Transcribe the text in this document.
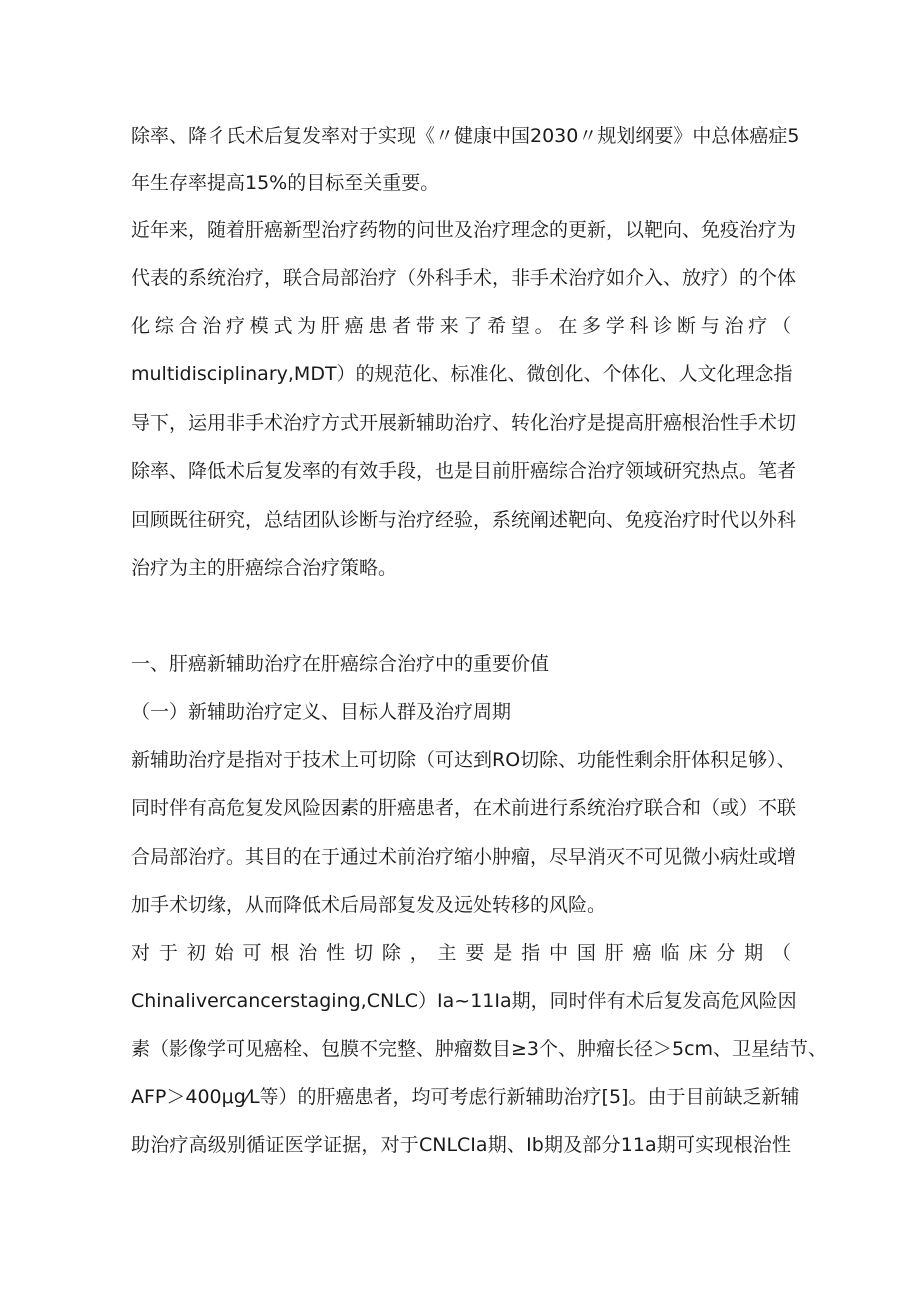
除率、降彳氏术后复发率对于实现《〃健康中国2030〃规划纲要》中总体癌症5

年生存率提高15%的目标至关重要。

近年来，随着肝癌新型治疗药物的问世及治疗理念的更新，以靶向、免疫治疗为

代表的系统治疗，联合局部治疗（外科手术，非手术治疗如介入、放疗）的个体

化综合治疗模式为肝癌患者带来了希望。在多学科诊断与治疗（

multidisciplinary,MDT）的规范化、标准化、微创化、个体化、人文化理念指

导下，运用非手术治疗方式开展新辅助治疗、转化治疗是提高肝癌根治性手术切

除率、降低术后复发率的有效手段，也是目前肝癌综合治疗领域研究热点。笔者

回顾既往研究，总结团队诊断与治疗经验，系统阐述靶向、免疫治疗时代以外科

治疗为主的肝癌综合治疗策略。

一、肝癌新辅助治疗在肝癌综合治疗中的重要价值

（一）新辅助治疗定义、目标人群及治疗周期

新辅助治疗是指对于技术上可切除（可达到RO切除、功能性剩余肝体积足够）、

同时伴有高危复发风险因素的肝癌患者，在术前进行系统治疗联合和（或）不联

合局部治疗。其目的在于通过术前治疗缩小肿瘤，尽早消灭不可见微小病灶或增

加手术切缘，从而降低术后局部复发及远处转移的风险。

对于初始可根治性切除，主要是指中国肝癌临床分期（

Chinalivercancerstaging,CNLC）Ia~11Ia期，同时伴有术后复发高危风险因

素（影像学可见癌栓、包膜不完整、肿瘤数目≥3个、肿瘤长径＞5cm、卫星结节、

AFP＞400μg⁄L等）的肝癌患者，均可考虑行新辅助治疗[5]。由于目前缺乏新辅

助治疗高级别循证医学证据，对于CNLCIa期、Ib期及部分11a期可实现根治性
